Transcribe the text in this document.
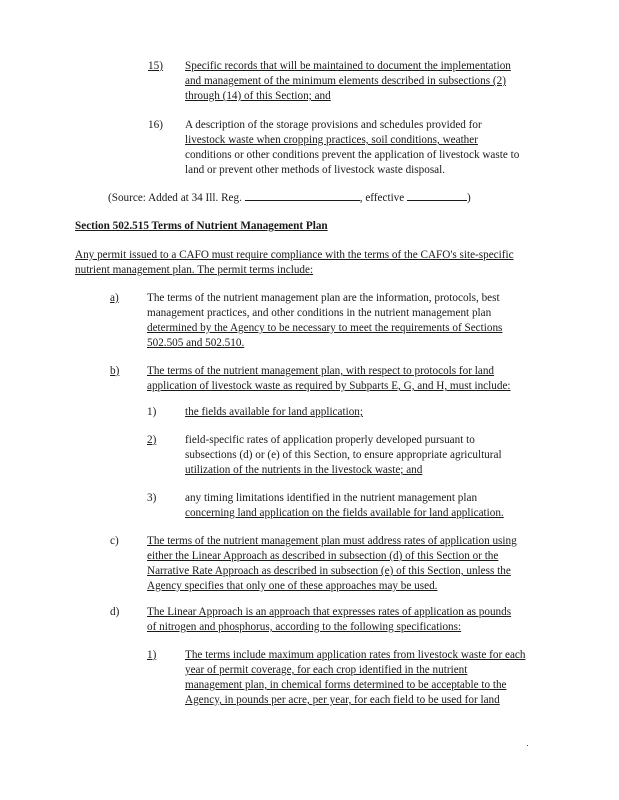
15) Specific records that will be maintained to document the implementation
and management of the minimum elements described in subsections (2)
through (14) of this Section; and
16) A description of the storage provisions and schedules provided for
livestock waste when cropping practices, soil conditions, weather
conditions or other conditions prevent the application of livestock waste to
land or prevent other methods of livestock waste disposal.
(Source: Added at 34 Ill. Reg.	, effective	)
Section 502.515 Terms of Nutrient Management Plan
Any permit issued to a CAFO must require compliance with the terms of the CAFO's site-specific
nutrient management plan. The permit terms include:
a)	The terms of the nutrient management plan are the information, protocols, best
management practices, and other conditions in the nutrient management plan
determined by the Agency to be necessary to meet the requirements of Sections
502.505 and 502.510.
b) The terms of the nutrient management plan, with respect to protocols for land
application of livestock waste as required by Subparts E, G, and H, must include:
1)	the fields available for land application;
2)	field-specific rates of application properly developed pursuant to
subsections (d) or (e) of this Section, to ensure appropriate agricultural
utilization of the nutrients in the livestock waste; and
3)	any timing limitations identified in the nutrient management plan
concerning land application on the fields available for land application.
c)	The terms of the nutrient management plan must address rates of application using
either the Linear Approach as described in subsection (d) of this Section or the
Narrative Rate Approach as described in subsection (e) of this Section, unless the
Agency specifies that only one of these approaches may be used.
d) The Linear Approach is an approach that expresses rates of application as pounds
of nitrogen and phosphorus, according to the following specifications:
1)	The terms include maximum application rates from livestock waste for each
year of permit coverage, for each crop identified in the nutrient
management plan, in chemical forms determined to be acceptable to the
Agency, in pounds per acre, per year, for each field to be used for land
